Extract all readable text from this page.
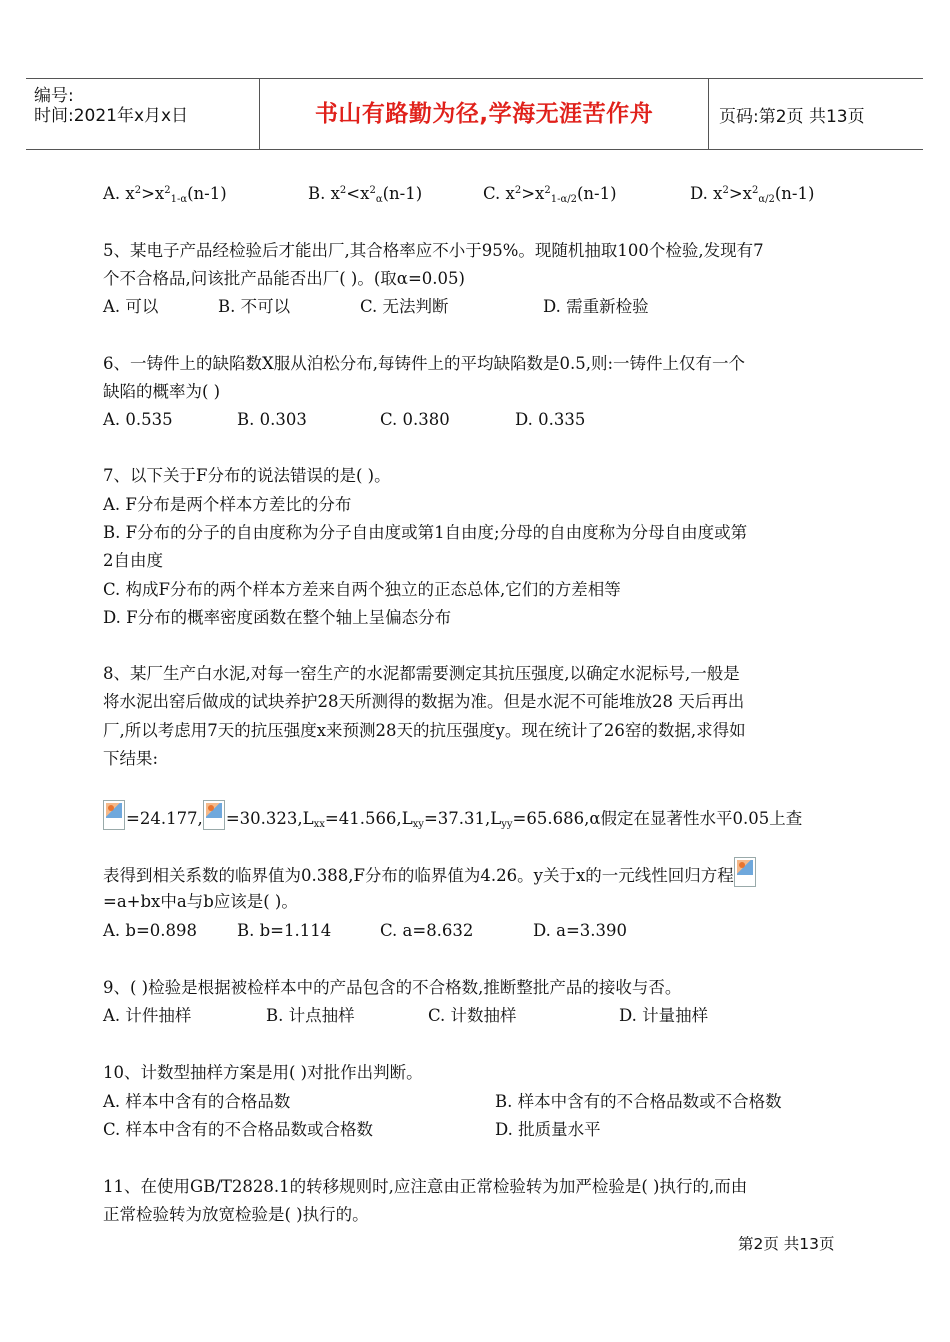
编号:
时间:2021年x月x日	书山有路勤为径,学海无涯苦作舟	页码:第2页 共13页
A. $x^2>x^2_{1-\alpha}(n-1)$	B. $x^2<x^2_\alpha(n-1)$	C. $x^2>x^2_{1-\alpha/2}(n-1)$	D. $x^2>x^2_{\alpha/2}(n-1)$
5、某电子产品经检验后才能出厂,其合格率应不小于95%。现随机抽取100个检验,发现有7
个不合格品,问该批产品能否出厂( )。(取α=0.05)
A. 可以	B. 不可以	C. 无法判断	D. 需重新检验
6、一铸件上的缺陷数X服从泊松分布,每铸件上的平均缺陷数是0.5,则:一铸件上仅有一个
缺陷的概率为( )
A. 0.535	B. 0.303	C. 0.380	D. 0.335
7、以下关于F分布的说法错误的是( )。
A. F分布是两个样本方差比的分布
B. F分布的分子的自由度称为分子自由度或第1自由度;分母的自由度称为分母自由度或第
2自由度
C. 构成F分布的两个样本方差来自两个独立的正态总体,它们的方差相等
D. F分布的概率密度函数在整个轴上呈偏态分布
8、某厂生产白水泥,对每一窑生产的水泥都需要测定其抗压强度,以确定水泥标号,一般是
将水泥出窑后做成的试块养护28天所测得的数据为准。但是水泥不可能堆放28 天后再出
厂,所以考虑用7天的抗压强度x来预测28天的抗压强度y。现在统计了26窑的数据,求得如
下结果:
=24.177, $=30.323,L_{xx}=41.566,L_{xy}=37.31,L_{yy}=65.686,\alpha$假定在显著性水平0.05上查
表得到相关系数的临界值为0.388,F分布的临界值为4.26。y关于x的一元线性回归方程
=a+bx中a与b应该是( )。
A. b=0.898 B. b=1.114	C. a=8.632	D. a=3.390
9、( )检验是根据被检样本中的产品包含的不合格数,推断整批产品的接收与否。
A. 计件抽样	B. 计点抽样	C. 计数抽样	D. 计量抽样
10、计数型抽样方案是用( )对批作出判断。
A. 样本中含有的合格品数	B. 样本中含有的不合格品数或不合格数
C. 样本中含有的不合格品数或合格数	D. 批质量水平
11、在使用GB/T2828.1的转移规则时,应注意由正常检验转为加严检验是( )执行的,而由
正常检验转为放宽检验是( )执行的。
第2页 共13页
